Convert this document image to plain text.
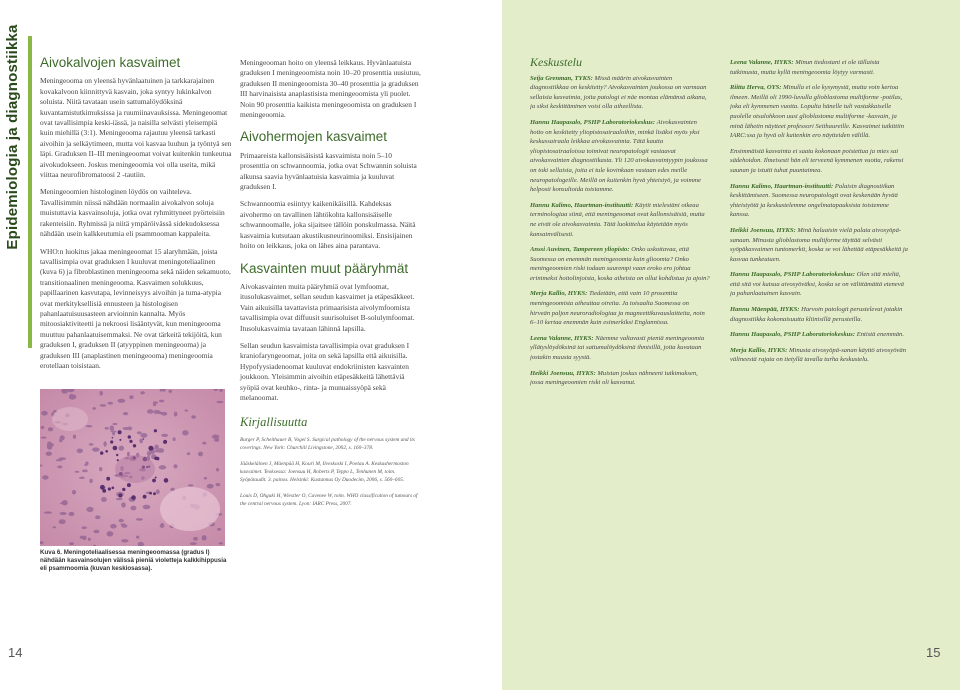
Epidemiologia ja diagnostiikka	Aivokalvojen kasvaimet

Meningeooma on yleensä hyvänlaatuinen ja tarkkarajainen kovakalvoon kiinnittyvä kasvain, joka syntyy lukinkalvon soluista. Niitä tavataan usein sattumalöydöksinä kuvantamistutkimuksissa ja ruumiinavauksissa. Meningeoomat ovat tavallisimpia keski-iässä, ja naisilla selvästi yleisempiä kuin miehillä (3:1). Meningeooma rajautuu yleensä tarkasti aivoihin ja selkäytimeen, mutta voi kasvaa luuhun ja työntyä sen läpi. Graduksen II–III meningeoomat voivat kuitenkin tunkeutua aivokudokseen. Joskus meningeoomia voi olla useita, mikä viittaa neurofibromatoosi 2 -tautiin.

Meningeoomien histologinen löydös on vaihteleva. Tavallisimmin niissä nähdään normaalin aivokalvon soluja muistuttavia kasvainsoluja, jotka ovat ryhmittyneet pyörteisiin rakenteisiin. Ryhmissä ja niitä ympäröivässä sidekudoksessa nähdään usein kalkkeutumia eli psammooman kappaleita.

WHO:n luokitus jakaa meningeoomat 15 alaryhmään, joista tavallisimpia ovat graduksen I kuuluvat meningoteliaalinen (kuva 6) ja fibroblastinen meningeooma sekä näiden sekamuoto, transitionaalinen meningeooma. Kasvaimen solukkuus, papillaarinen kasvutapa, levinneisyys aivoihin ja tuma-atypia ovat merkityksellisiä ennusteen ja histologisen pahanlaatuisuusasteen arvioinnin kannalta. Myös mitoosiaktiviteetti ja nekroosi lisääntyvät, kun meningeooma muuttuu pahanlaatuisemmaksi. Ne ovat tärkeitä tekijöitä, kun graduksen I, graduksen II (atyyppinen meningeooma) ja graduksen III (anaplastinen meningeooma) meningeoomia erotellaan toisistaan.

Kuva 6. Meningoteliaalisessa meningeoomassa (gradus I) nähdään kasvainsolujen välissä pieniä violetteja kalkkihippusia eli psammoomia (kuvan keskiosassa).

Meningeooman hoito on yleensä leikkaus. Hyvänlaatuista graduksen I meningeoomista noin 10–20 prosenttia uusiutuu, graduksen II meningeoomista 30–40 prosenttia ja graduksen III harvinaisista anaplastisista meningeoomista yli puolet. Noin 90 prosenttia kaikista meningeoomista on graduksen I meningeoomia.

Aivohermojen kasvaimet

Primaareista kallonsisäisistä kasvaimista noin 5–10 prosenttia on schwannoomia, jotka ovat Schwannin soluista alkunsa saavia hyvänlaatuisia kasvaimia ja kuuluvat graduksen I.

Schwannoomia esiintyy kaikenikäisillä. Kahdeksas aivohermo on tavallinen lähtökohta kallonsisäiselle schwannoomalle, joka sijaitsee tällöin ponskulmassa. Näitä kasvaimia kutsutaan akustikusneurinoomiksi. Ensisijainen hoito on leikkaus, joka on lähes aina parantava.

Kasvainten muut pääryhmät

Aivokasvainten muita pääryhmiä ovat lymfoomat, itusolukasvaimet, sellan seudun kasvaimet ja etäpesäkkeet. Vain aikuisilla tavattavista primaarisista aivolymfoomista tavallisimpia ovat diffuusit suurisoluiset B-solulymfoomat. Itusolukasvaimia tavataan lähinnä lapsilla.

Sellan seudun kasvaimista tavallisimpia ovat graduksen I kraniofaryngeoomat, joita on sekä lapsilla että aikuisilla. Hypofyysiadenoomat kuuluvat endokriinisten kasvainten joukkoon. Yleisimmin aivoihin etäpesäkkeitä lähettäviä syöpiä ovat keuhko-, rinta- ja munuaissyöpä sekä melanoomat.

Kirjallisuutta

Burger P, Scheithauer B, Vogel S. Surgical pathology of the nervous system and its coverings. New York: Churchill Livingstone, 2002, s. 160–378.

Jääskeläinen J, Mäenpää H, Kouri M, Ilveskoski I, Poetau A. Keskushermoston kasvaimet. Teoksessa: Joensuu H, Roberts P, Teppo L, Tenhunen M, toim. Syöpätaudit. 3. painos. Helsinki: Kustannus Oy Duodecim, 2006, s. 560–605.

Louis D, Ohgaki H, Wiestler O, Cavenee W, toim. WHO classification of tumours of the central nervous system. Lyon: IARC Press, 2007.

14
Keskustelu

Seija Grenman, TYKS: Missä määrin aivokasvainten diagnostiikkaa on keskitetty? Aivokasvainten joukossa on varmaan sellaisia kasvaimia, joita patologi ei näe montaa elämänsä aikana, ja siksi keskittäminen voisi olla aiheellista.

Hannu Haapasalo, PSHP Laboratoriokeskus: Aivokasvainten hoito on keskitetty yliopistosairaaloihin, minkä lisäksi myös yksi keskussairaala leikkaa aivokasvaimia. Tätä kautta yliopistosairaaloissa toimivat neuropatologit vastaavat aivokasvainten diagnostiikasta. Yli 120 aivokasvaintyypin joukossa on toki sellaisia, joita ei tule kovinkaan vastaan edes meille neuropatologeille. Meillä on kuitenkin hyvä yhteistyö, ja voimme helposti konsultoida toisiamme.

Hannu Kalimo, Haartman-instituutti: Käytit mielestäni oikeaa terminologiaa siinä, että meningeoomat ovat kallonsisäisiä, mutta ne eivät ole aivokasvaimia. Tätä luokittelua käytetään myös kansainvälisesti.

Anssi Auvinen, Tampereen yliopisto: Onko uskottavaa, että Suomessa on enemmän meningeoomia kuin glioomia? Onko meningeoomien riski todaan suurempi vaan eroko ero johtua erinimeksi hoitolinjoista, koska aiheista on ollut kohdistua ja ajoin?

Merja Kallio, HYKS: Tiedetään, että vain 10 prosenttia meningeoomista aiheuttaa oireita. Ja toisaalta Suomessa on hirveän paljon neuroradiologiaa ja magneettikuvauslaitteita, noin 6–10 kertaa enemmän kuin esimerkiksi Englannissa.

Leena Valanne, HYKS: Näemme valtavasti pieniä meningeoomia yllätyslöydöksinä tai sattumalöydöksinä ihmisillä, joita kuvataan jostakin muusta syystä.

Heikki Joensuu, HYKS: Muistan joskus nähneeni tutkimuksen, jossa meningeoomien riski oli kasvanut.

Leena Valanne, HYKS: Minun tiedostani ei ole tällaista tutkimusta, mutta kyllä meningeoomia löytyy varmasti.

Riitta Herva, OYS: Minulla ei ole kysymystä, mutta voin kertoa ilmeen. Meillä oli 1990-luvulla glioblastoma multiforme -potilas, joka eli kymmenen vuotta. Lopulta hänelle tuli vastakkaiselle puolelle otsalohkoon uusi glioblastoma multiforme -kasvain, ja minä lähetin näytteet professori Seithaureille. Kasvaimet tutkittiin IARC:ssa ja hyvä oli kuitenkin ero näytteiden välillä.

Ensimmäistä kasvainta ei saatu kokonaan poistettua ja mies sai sädehoidon. Ilmeisesti hän eli terveenä kymmenen vuotta, rakensi saunan ja istutti tuhat puuntaimea.

Hannu Kalimo, Haartman-instituutti: Palaisin diagnostiikan keskittämiseen. Suomessa neuropatologit ovat keskenään hyvää yhteistyötä ja keskustelemme ongelmatapauksista toistemme kanssa.

Heikki Joensuu, HYKS: Minä haluaisin vielä palata aivosyöpä-sanaan. Minusta glioblastoma multiforme täyttää selvästi syöpäkasvaimen tuntomerkit, koska se voi lähettää etäpesäkkeitä ja kasvaa tunkeutuen.

Hannu Haapasalo, PSHP Laboratoriokeskus: Olen sitä mieltä, että sitä voi kutsua aivosyöväksi, koska se on välittämättä etenevä ja pahanlaatuinen kasvain.

Hannu Mäenpää, HYKS: Harvoin patologit perustelevat jotakin diagnostiikka kokonaisuutta kliinisillä perusteilla.

Hannu Haapasalo, PSHP Laboratoriokeskus: Entistä enemmän.

Merja Kallio, HYKS: Minusta aivosyöpä-sanan käyttö aivosyövän välineestä rajata on tietyllä tavalla turha keskustelu.

15
